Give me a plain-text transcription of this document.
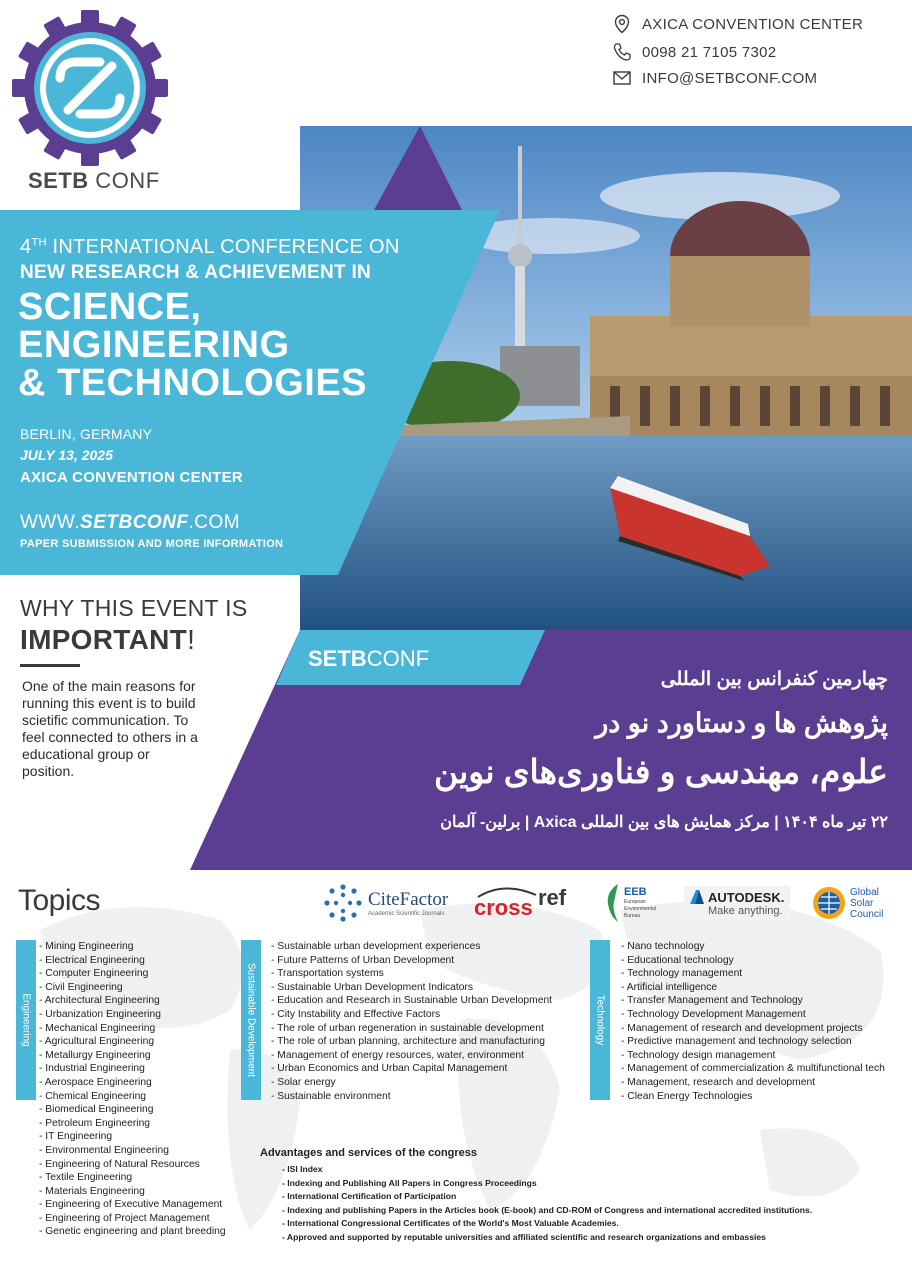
AXICA CONVENTION CENTER
0098 21 7105 7302
INFO@SETBCONF.COM
SETB CONF
4TH INTERNATIONAL CONFERENCE ON
NEW RESEARCH & ACHIEVEMENT IN
SCIENCE,
ENGINEERING
& TECHNOLOGIES
BERLIN, GERMANY
JULY 13, 2025
AXICA CONVENTION CENTER
WWW.SETBCONF.COM
PAPER SUBMISSION AND MORE INFORMATION
WHY THIS EVENT IS
IMPORTANT!
One of the main reasons for running this event is to build scietific communication. To feel connected to others in a educational group or position.
SETBCONF
چهارمین کنفرانس بین المللی
پژوهش ها و دستاورد نو در
علوم، مهندسی و فناوری‌های نوین
۲۲ تیر ماه ۱۴۰۴ | مرکز همایش های بین المللی Axica | برلین- آلمان
Topics	CiteFactor
Academic Scientific Journals cross ref	EEB
European
Environmental
Bureau
AUTODESK.
Make anything.
Global
Solar
Council
Engineering	Sustainable Development	Technology
- Mining Engineering
- Electrical Engineering
- Computer Engineering
- Civil Engineering
- Architectural Engineering
- Urbanization Engineering
- Mechanical Engineering
- Agricultural Engineering
- Metallurgy Engineering
- Industrial Engineering
- Aerospace Engineering
- Chemical Engineering
- Biomedical Engineering
- Petroleum Engineering
- IT Engineering
- Environmental Engineering
- Engineering of Natural Resources
- Textile Engineering
- Materials Engineering
- Engineering of Executive Management
- Engineering of Project Management
- Genetic engineering and plant breeding
- Sustainable urban development experiences
- Future Patterns of Urban Development
- Transportation systems
- Sustainable Urban Development Indicators
- Education and Research in Sustainable Urban Development
- City Instability and Effective Factors
- The role of urban regeneration in sustainable development
- The role of urban planning, architecture and manufacturing
- Management of energy resources, water, environment
- Urban Economics and Urban Capital Management
- Solar energy
- Sustainable environment
- Nano technology
- Educational technology
- Technology management
- Artificial intelligence
- Transfer Management and Technology
- Technology Development Management
- Management of research and development projects
- Predictive management and technology selection
- Technology design management
- Management of commercialization & multifunctional tech
- Management, research and development
- Clean Energy Technologies
Advantages and services of the congress
- ISI Index
- Indexing and Publishing All Papers in Congress Proceedings
- International Certification of Participation
- Indexing and publishing Papers in the Articles book (E-book) and CD-ROM of Congress and international accredited institutions.
- International Congressional Certificates of the World's Most Valuable Academies.
- Approved and supported by reputable universities and affiliated scientific and research organizations and embassies
